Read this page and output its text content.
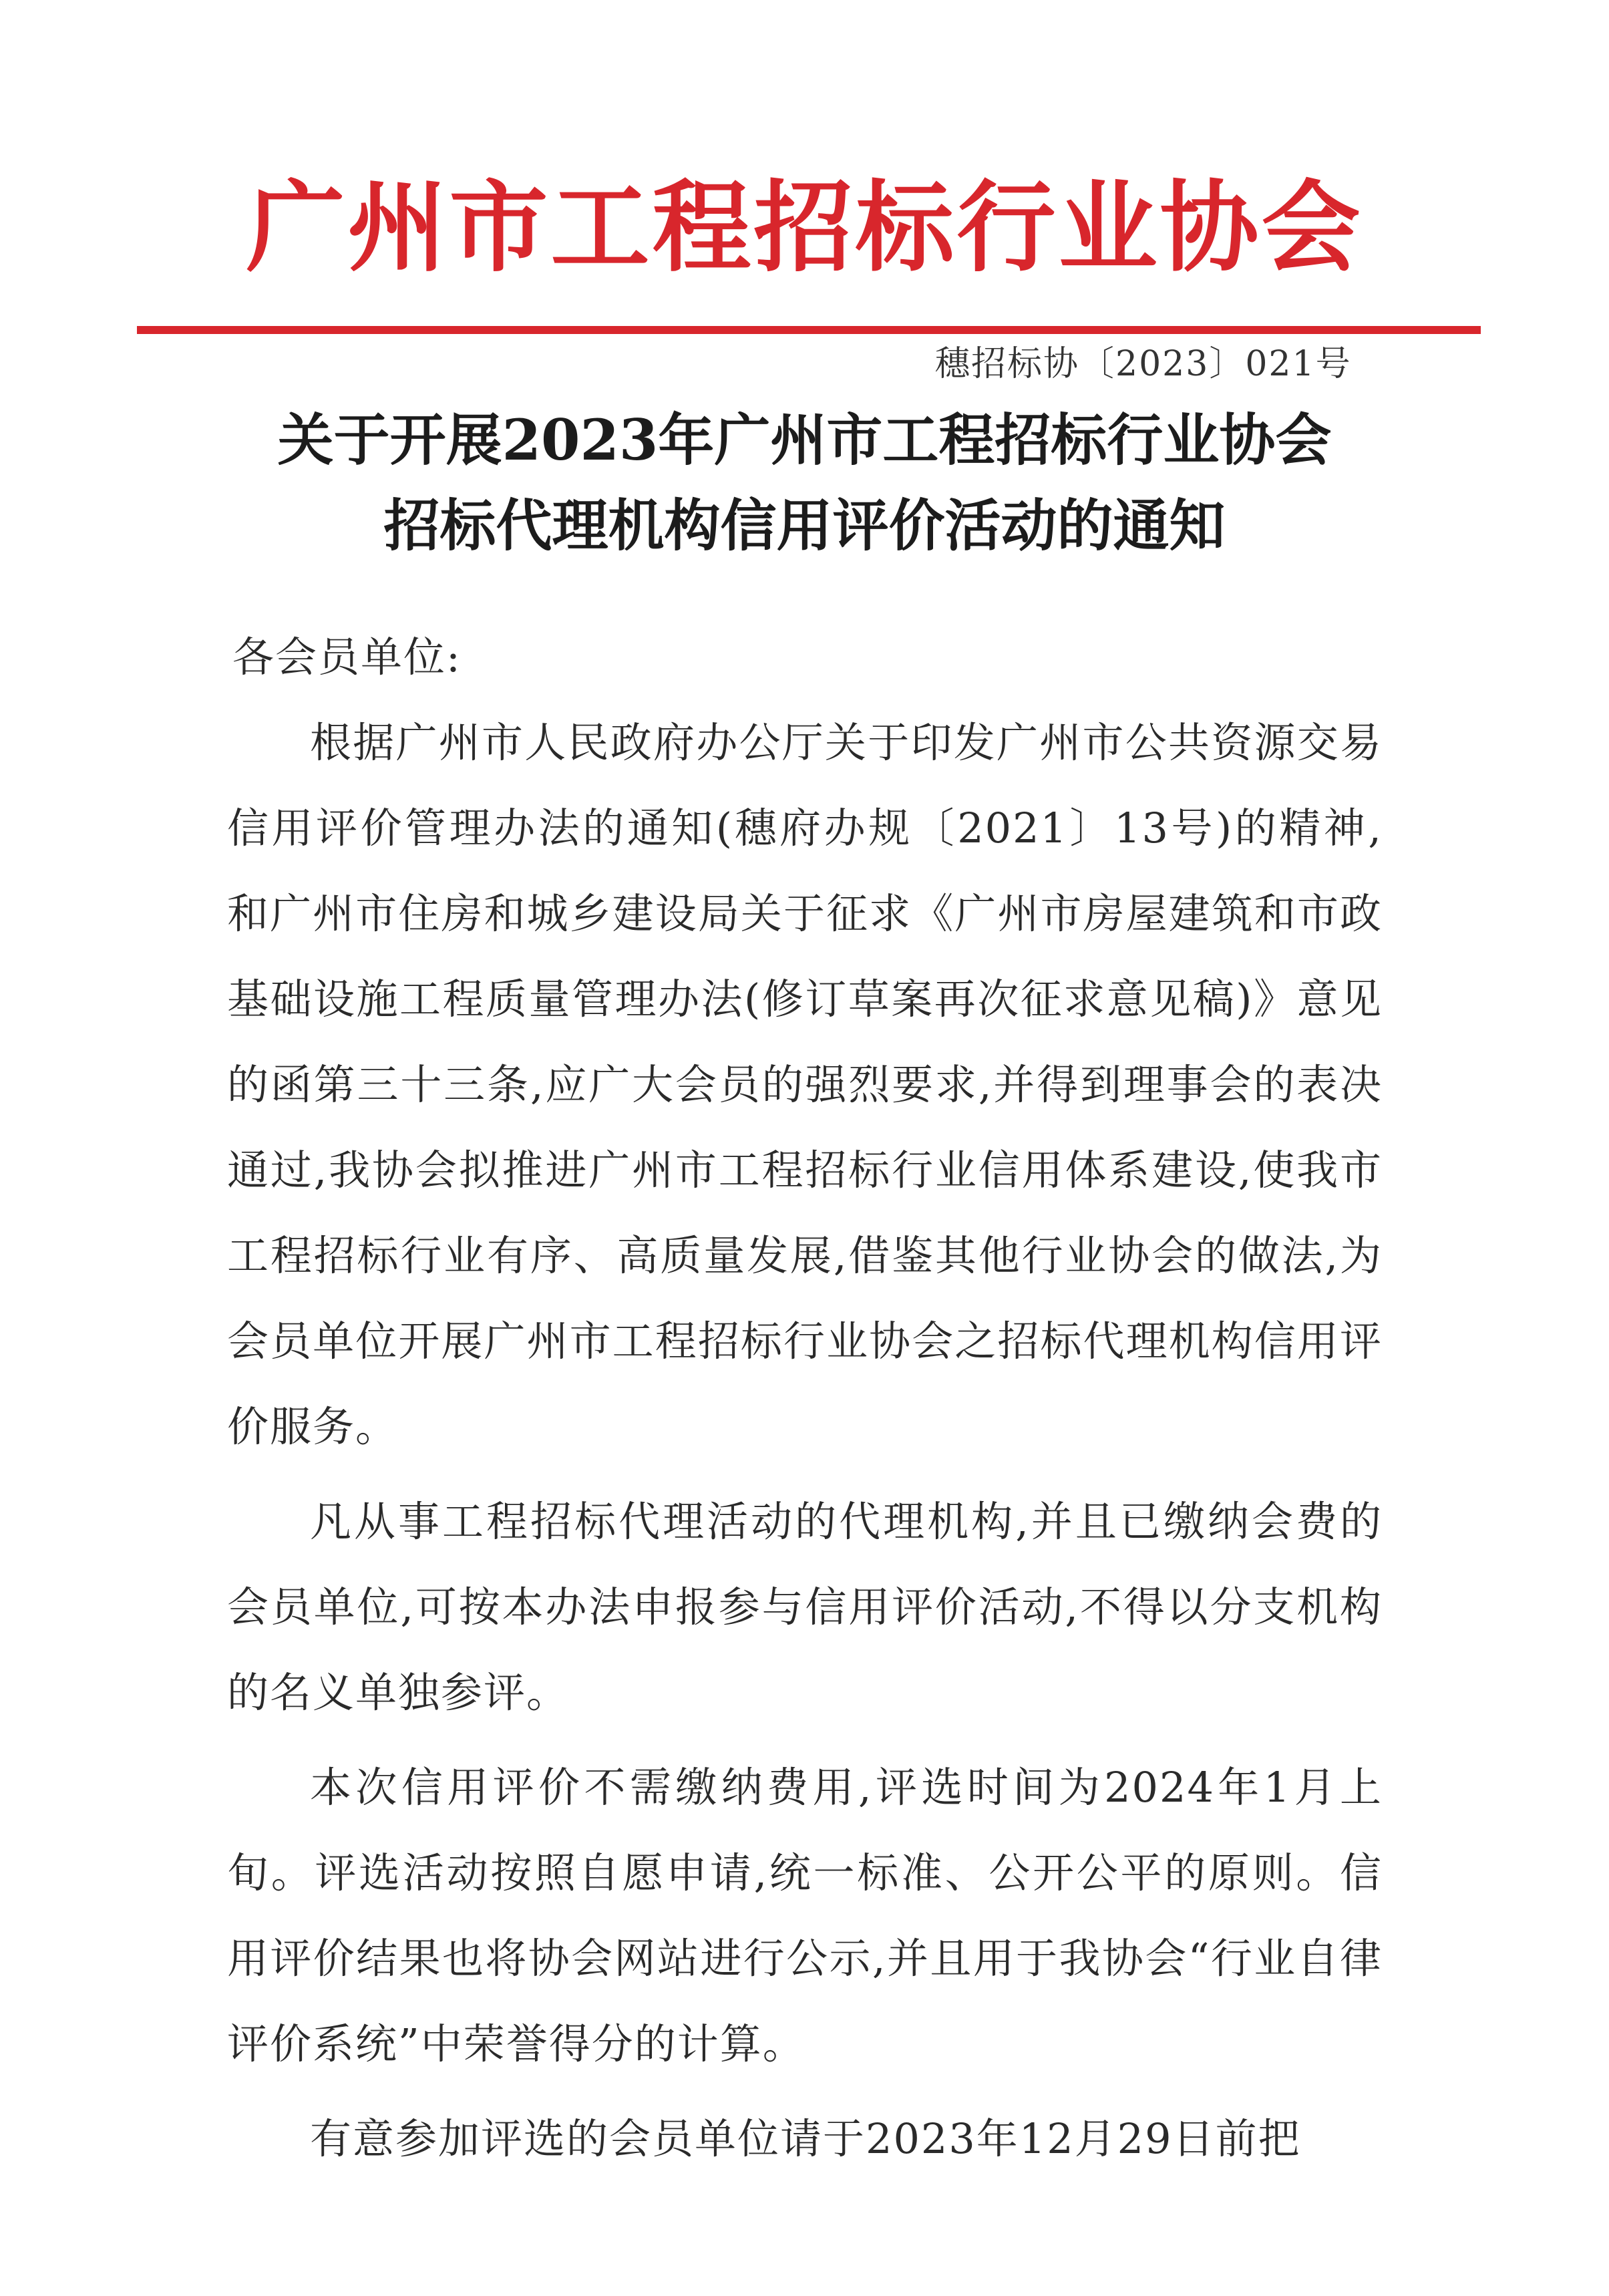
广州市工程招标行业协会
穗招标协〔2023〕021号
关于开展2023年广州市工程招标行业协会
招标代理机构信用评价活动的通知

各会员单位:

根据广州市人民政府办公厅关于印发广州市公共资源交易信用评价管理办法的通知(穗府办规〔2021〕13号)的精神,和广州市住房和城乡建设局关于征求《广州市房屋建筑和市政基础设施工程质量管理办法(修订草案再次征求意见稿)》意见的函第三十三条,应广大会员的强烈要求,并得到理事会的表决通过,我协会拟推进广州市工程招标行业信用体系建设,使我市工程招标行业有序、高质量发展,借鉴其他行业协会的做法,为会员单位开展广州市工程招标行业协会之招标代理机构信用评价服务。

凡从事工程招标代理活动的代理机构,并且已缴纳会费的会员单位,可按本办法申报参与信用评价活动,不得以分支机构的名义单独参评。

本次信用评价不需缴纳费用,评选时间为2024年1月上旬。评选活动按照自愿申请,统一标准、公开公平的原则。信用评价结果也将协会网站进行公示,并且用于我协会“行业自律评价系统”中荣誉得分的计算。

有意参加评选的会员单位请于2023年12月29日前把
